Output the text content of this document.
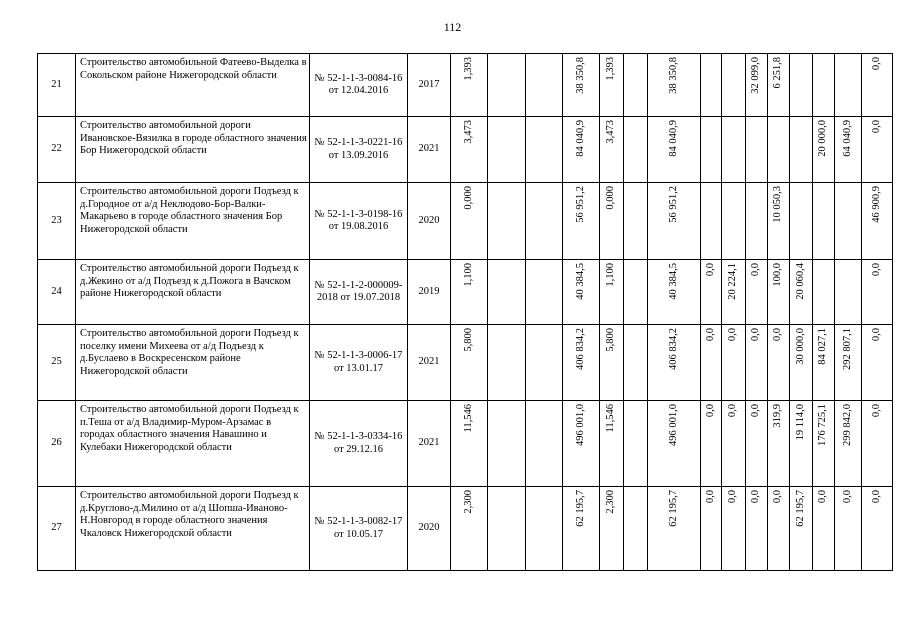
112
21	Строительство автомобильной Фатеево-Выделка в Сокольском районе Нижегородской области	№ 52-1-1-3-0084-16 от 12.04.2016	2017	1,393			38 350,8	1,393		38 350,8			32 099,0	6 251,8				0,0
22	Строительство автомобильной дороги Ивановское-Вязилка в городе областного значения Бор Нижегородской области	№ 52-1-1-3-0221-16 от 13.09.2016	2021	3,473			84 040,9	3,473		84 040,9						20 000,0	64 040,9	0,0
23	Строительство автомобильной дороги Подъезд к д.Городное от а/д Неклюдово-Бор-Валки-Макарьево в городе областного значения Бор Нижегородской области	№ 52-1-1-3-0198-16 от 19.08.2016	2020	0,000			56 951,2	0,000		56 951,2				10 050,3				46 900,9
24	Строительство автомобильной дороги Подъезд к д.Жекино от а/д Подъезд к д.Пожога в Вачском районе Нижегородской области	№ 52-1-1-2-000009-2018 от 19.07.2018	2019	1,100			40 384,5	1,100		40 384,5	0,0	20 224,1	0,0	100,0	20 060,4			0,0
25	Строительство автомобильной дороги Подъезд к поселку имени Михеева от а/д Подъезд к д.Буслаево в Воскресенском районе Нижегородской области	№ 52-1-1-3-0006-17 от 13.01.17	2021	5,800			406 834,2	5,800		406 834,2	0,0	0,0	0,0	0,0	30 000,0	84 027,1	292 807,1	0,0
26	Строительство автомобильной дороги Подъезд к п.Теша от а/д Владимир-Муром-Арзамас в городах областного значения Навашино и Кулебаки Нижегородской области	№ 52-1-1-3-0334-16 от 29.12.16	2021	11,546			496 001,0	11,546		496 001,0	0,0	0,0	0,0	319,9	19 114,0	176 725,1	299 842,0	0,0
27	Строительство автомобильной дороги Подъезд к д.Круглово-д.Милино от а/д Шопша-Иваново-Н.Новгород в городе областного значения Чкаловск Нижегородской области	№ 52-1-1-3-0082-17 от 10.05.17	2020	2,300			62 195,7	2,300		62 195,7	0,0	0,0	0,0	0,0	62 195,7	0,0	0,0	0,0
